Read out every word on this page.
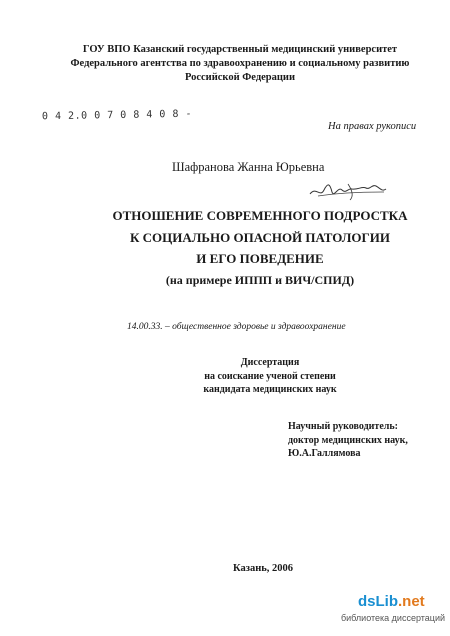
ГОУ ВПО Казанский государственный медицинский университет
Федерального агентства по здравоохранению и социальному развитию
Российской Федерации
0 4 2.0 0 7 0 8 4 0 8 -
На правах рукописи
Шафранова Жанна Юрьевна
ОТНОШЕНИЕ СОВРЕМЕННОГО ПОДРОСТКА
К СОЦИАЛЬНО ОПАСНОЙ ПАТОЛОГИИ
И ЕГО ПОВЕДЕНИЕ
(на примере ИППП и ВИЧ/СПИД)
14.00.33. – общественное здоровье и здравоохранение
Диссертация
на соискание ученой степени
кандидата медицинских наук
Научный руководитель:
доктор медицинских наук,
Ю.А.Галлямова
Казань, 2006
dsLib.net
библиотека диссертаций
